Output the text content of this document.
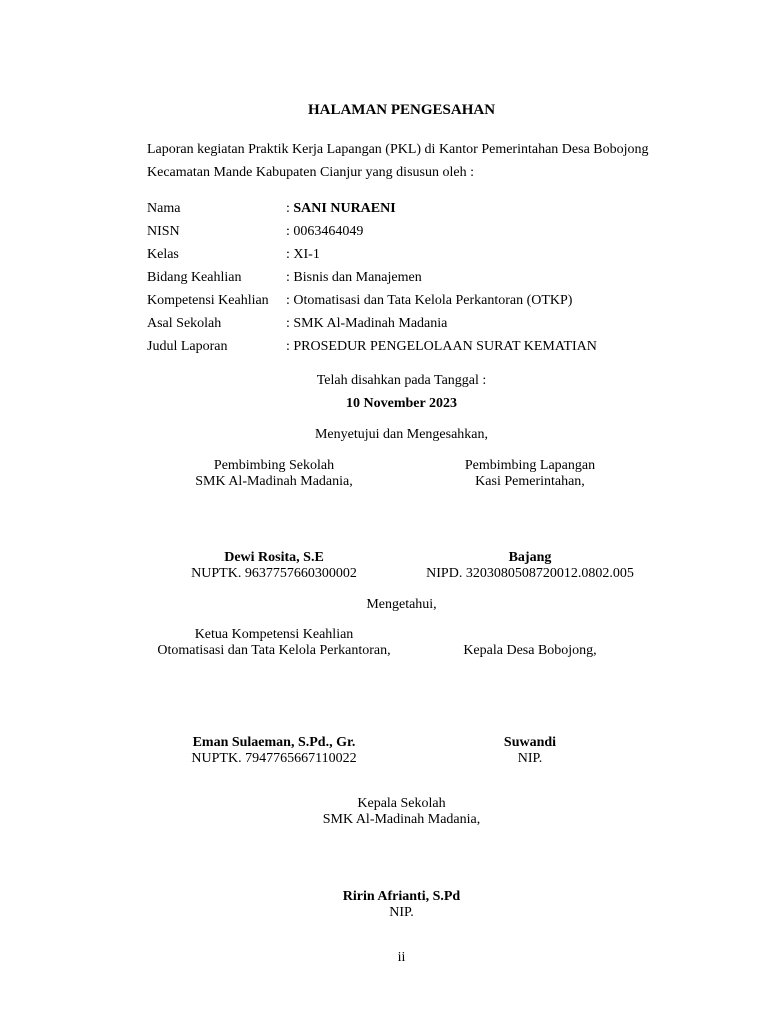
HALAMAN PENGESAHAN
Laporan kegiatan Praktik Kerja Lapangan (PKL) di Kantor Pemerintahan Desa Bobojong
Kecamatan Mande Kabupaten Cianjur yang disusun oleh :
Nama	: SANI NURAENI
NISN	: 0063464049
Kelas	: XI-1
Bidang Keahlian	: Bisnis dan Manajemen
Kompetensi Keahlian : Otomatisasi dan Tata Kelola Perkantoran (OTKP)
Asal Sekolah	: SMK Al-Madinah Madania
Judul Laporan	: PROSEDUR PENGELOLAAN SURAT KEMATIAN
Telah disahkan pada Tanggal :
10 November 2023
Menyetujui dan Mengesahkan,
Pembimbing Sekolah
SMK Al-Madinah Madania,
Pembimbing Lapangan
Kasi Pemerintahan,
Dewi Rosita, S.E
NUPTK. 9637757660300002
Bajang
NIPD. 3203080508720012.0802.005
Mengetahui,
Ketua Kompetensi Keahlian
Otomatisasi dan Tata Kelola Perkantoran,	Kepala Desa Bobojong,
Eman Sulaeman, S.Pd., Gr.
NUPTK. 7947765667110022
Suwandi
NIP.
Kepala Sekolah
SMK Al-Madinah Madania,
Ririn Afrianti, S.Pd
NIP.
ii
